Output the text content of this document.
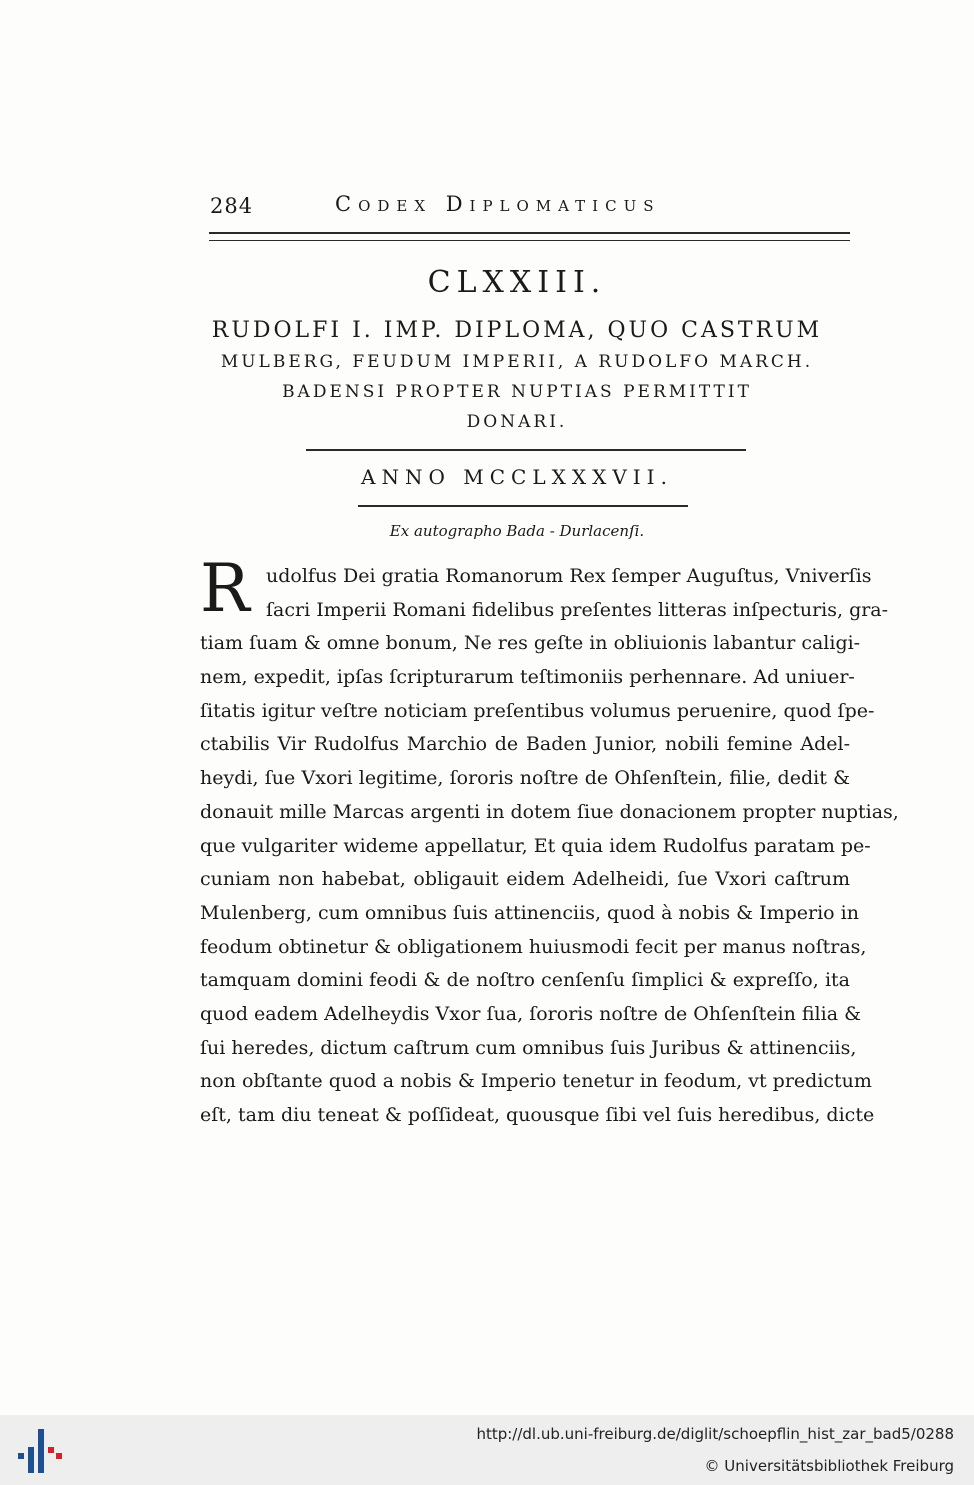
284	Codex Diplomaticus
CLXXIII.
RUDOLFI I. IMP. DIPLOMA, QUO CASTRUM
MULBERG, FEUDUM IMPERII, A RUDOLFO MARCH.
BADENSI PROPTER NUPTIAS PERMITTIT
DONARI.
ANNO MCCLXXXVII.
Ex autographo Bada - Durlacenſi.
R udolfus Dei gratia Romanorum Rex ſemper Auguſtus, Vniverſis
ſacri Imperii Romani fidelibus preſentes litteras inſpecturis, gra-
tiam ſuam & omne bonum, Ne res geſte in obliuionis labantur caligi-
nem, expedit, ipſas ſcripturarum teſtimoniis perhennare. Ad uniuer-
ſitatis igitur veſtre noticiam preſentibus volumus peruenire, quod ſpe-
ctabilis Vir Rudolfus Marchio de Baden Junior, nobili femine Adel-
heydi, ſue Vxori legitime, ſororis noſtre de Ohſenſtein, filie, dedit &
donauit mille Marcas argenti in dotem ſiue donacionem propter nuptias,
que vulgariter wideme appellatur, Et quia idem Rudolfus paratam pe-
cuniam non habebat, obligauit eidem Adelheidi, ſue Vxori caſtrum
Mulenberg, cum omnibus ſuis attinenciis, quod à nobis & Imperio in
feodum obtinetur & obligationem huiusmodi fecit per manus noſtras,
tamquam domini feodi & de noſtro cenſenſu ſimplici & expreſſo, ita
quod eadem Adelheydis Vxor ſua, ſororis noſtre de Ohſenſtein filia &
ſui heredes, dictum caſtrum cum omnibus ſuis Juribus & attinenciis,
non obſtante quod a nobis & Imperio tenetur in feodum, vt predictum
eſt, tam diu teneat & poſſideat, quousque ſibi vel ſuis heredibus, dicte
http://dl.ub.uni-freiburg.de/diglit/schoepflin_hist_zar_bad5/0288
© Universitätsbibliothek Freiburg
